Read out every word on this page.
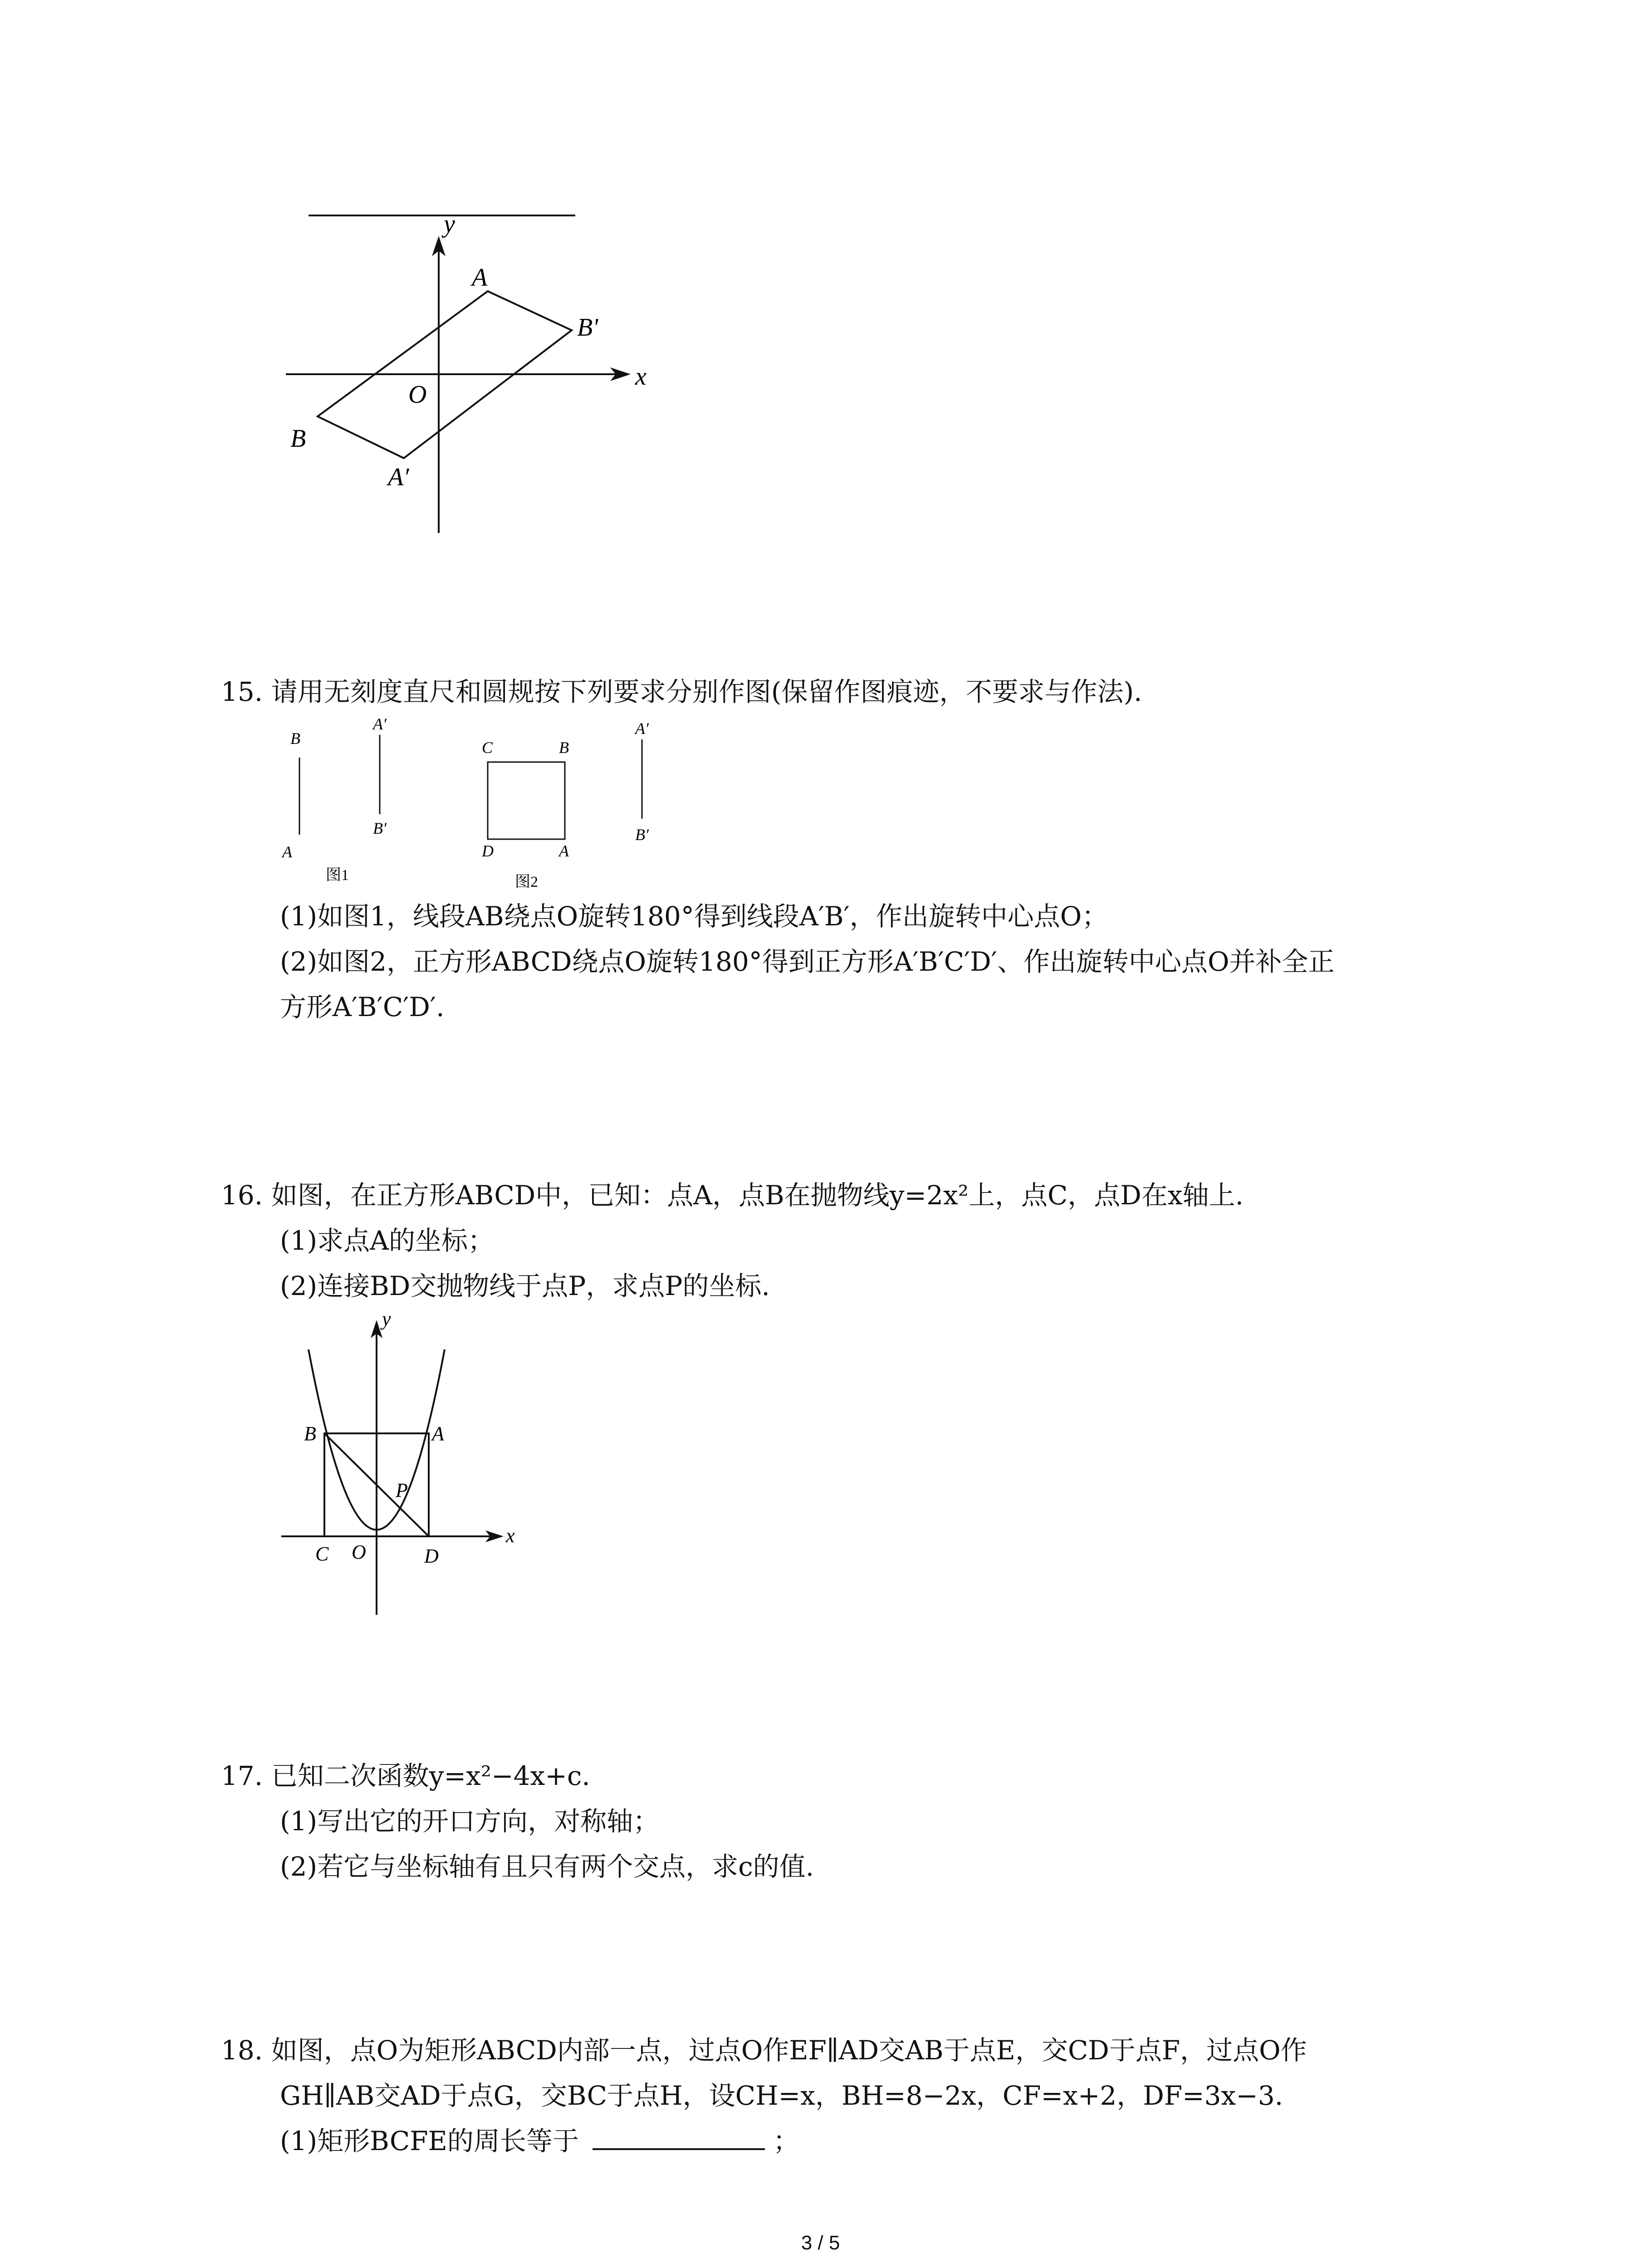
y
x
O
A
B'
B
A′
15. 请用无刻度直尺和圆规按下列要求分别作图(保留作图痕迹，不要求与作法).
B
A
A′
B′
图1
C	B
D	A
A′
B′
图2
(1)如图1，线段AB绕点O旋转180°得到线段A′B′，作出旋转中心点O；
(2)如图2，正方形ABCD绕点O旋转180°得到正方形A′B′C′D′、作出旋转中心点O并补全正
方形A′B′C′D′.
16. 如图，在正方形ABCD中，已知：点A，点B在抛物线y=2x²上，点C，点D在x轴上.
(1)求点A的坐标；
(2)连接BD交抛物线于点P，求点P的坐标.
y
x
B	A
P
C O	D
17. 已知二次函数y=x²−4x+c.
(1)写出它的开口方向，对称轴；
(2)若它与坐标轴有且只有两个交点，求c的值.
18. 如图，点O为矩形ABCD内部一点，过点O作EF∥AD交AB于点E，交CD于点F，过点O作
GH∥AB交AD于点G，交BC于点H，设CH=x，BH=8−2x，CF=x+2，DF=3x−3.
(1)矩形BCFE的周长等于	；
3 / 5
